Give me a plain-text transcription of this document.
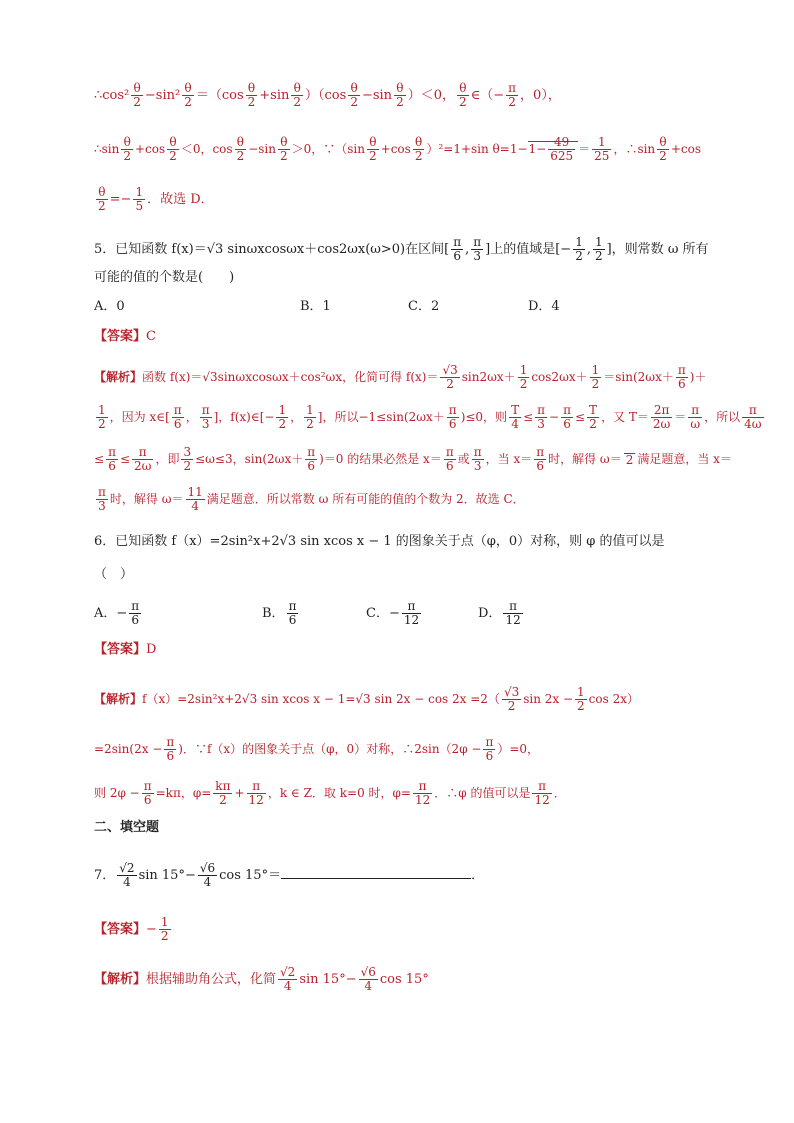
∴cos² $\frac{\theta}{2} -\sin^2 \frac{\theta}{2} =(\cos \frac{\theta}{2} +\sin \frac{\theta}{2} )(\cos \frac{\theta}{2} -\sin \frac{\theta}{2} )<0$， $\frac{\theta}{2}$ ∈（− $\frac{\pi}{2}$ ，0），
∴sin $\frac{\theta}{2} +\cos \frac{\theta}{2} <0$，$\cos \frac{\theta}{2} -\sin \frac{\theta}{2} >0$，∵（sin $\frac{\theta}{2} +\cos \frac{\theta}{2} )^2=1+\sin$ $\theta=1-1- \frac{49}{625} = \frac{1}{25}$ ，∴sin $\frac{\theta}{2} +\cos$
$\frac{\theta}{2} =- \frac{1}{5}$ ．故选 D．
5．已知函数 f(x)＝√3 sinωxcosωx＋cos2ωx(ω>0)在区间[ $\frac{\pi}{6}$ , $\frac{\pi}{3}$ ]上的值域是[− $\frac{1}{2}$ , $\frac{1}{2}$ ]，则常数 ω 所有
可能的值的个数是(　　)
A．0	B．1	C．2	D．4
【答案】C
【解析】函数 f(x)＝√3sinωxcosωx＋cos²ωx，化简可得 $f(x)= \frac{√3}{2} \sin 2\omega x+ \frac{1}{2} \cos 2\omega x+ \frac{1}{2} =\sin(2\omega x+ \frac{\pi}{6}$ )＋
$\frac{1}{2}$ ，因为 x∈[ $\frac{\pi}{6}$ ， $\frac{\pi}{3}$ ]，f(x)∈[− $\frac{1}{2}$ ， $\frac{1}{2}$ ]，所以$-1\le\sin(2\omega x+ \frac{\pi}{6} )\le 0$，则 $\frac{T}{4} \le \frac{\pi}{3} - \frac{\pi}{6} \le \frac{T}{2}$ ，又 $T= \frac{2\pi}{2\omega} = \frac{\pi}{\omega}$ ，所以 $\frac{\pi}{4\omega}$
≤ $\frac{\pi}{6} \le \frac{\pi}{2\omega}$ ，即 $\frac{3}{2} \le\omega\le 3$，$\sin(2\omega x+ \frac{\pi}{6} )=0$ 的结果必然是 $x= \frac{\pi}{6}$ 或 $\frac{\pi}{3}$ ，当 $x= \frac{\pi}{6}$ 时，解得 ω＝ 2 满足题意，当 x＝
$\frac{\pi}{3}$ 时，解得 $\omega= \frac{11}{4}$ 满足题意．所以常数 ω 所有可能的值的个数为 2．故选 C．
6．已知函数 f（x）=2sin²x+2√3 sin xcos x − 1 的图象关于点（φ，0）对称，则 φ 的值可以是
（　）
A．− $\frac{\pi}{6}$	B． $\frac{\pi}{6}$	C．− $\frac{\pi}{12}$	D． $\frac{\pi}{12}$
【答案】D
【解析】f（x）=2sin²x+2√3 sin xcos x − 1=√3 $\sin 2x - \cos 2x =2( \frac{√3}{2}$ $\sin 2x - \frac{1}{2}$ cos 2x）
$=2\sin(2x - \frac{\pi}{6}$ )．∵f（x）的图象关于点（φ，0）对称，∴2sin（2φ − $\frac{\pi}{6} )=0$，
则 $2\varphi - \frac{\pi}{6} =k\pi$，$\varphi= \frac{k\pi}{2} + \frac{\pi}{12}$ ，k ∈ Z．取 k=0 时，$\varphi= \frac{\pi}{12}$ ．∴φ 的值可以是 $\frac{\pi}{12}$ ．
二、填空题
7． $\frac{√2}{4}$ $\sin 15^\circ- \frac{√6}{4}$ cos 15°＝	．
【答案】− $\frac{1}{2}$
【解析】根据辅助角公式，化简 $\frac{√2}{4}$ $\sin 15^\circ- \frac{√6}{4}$ cos 15°
